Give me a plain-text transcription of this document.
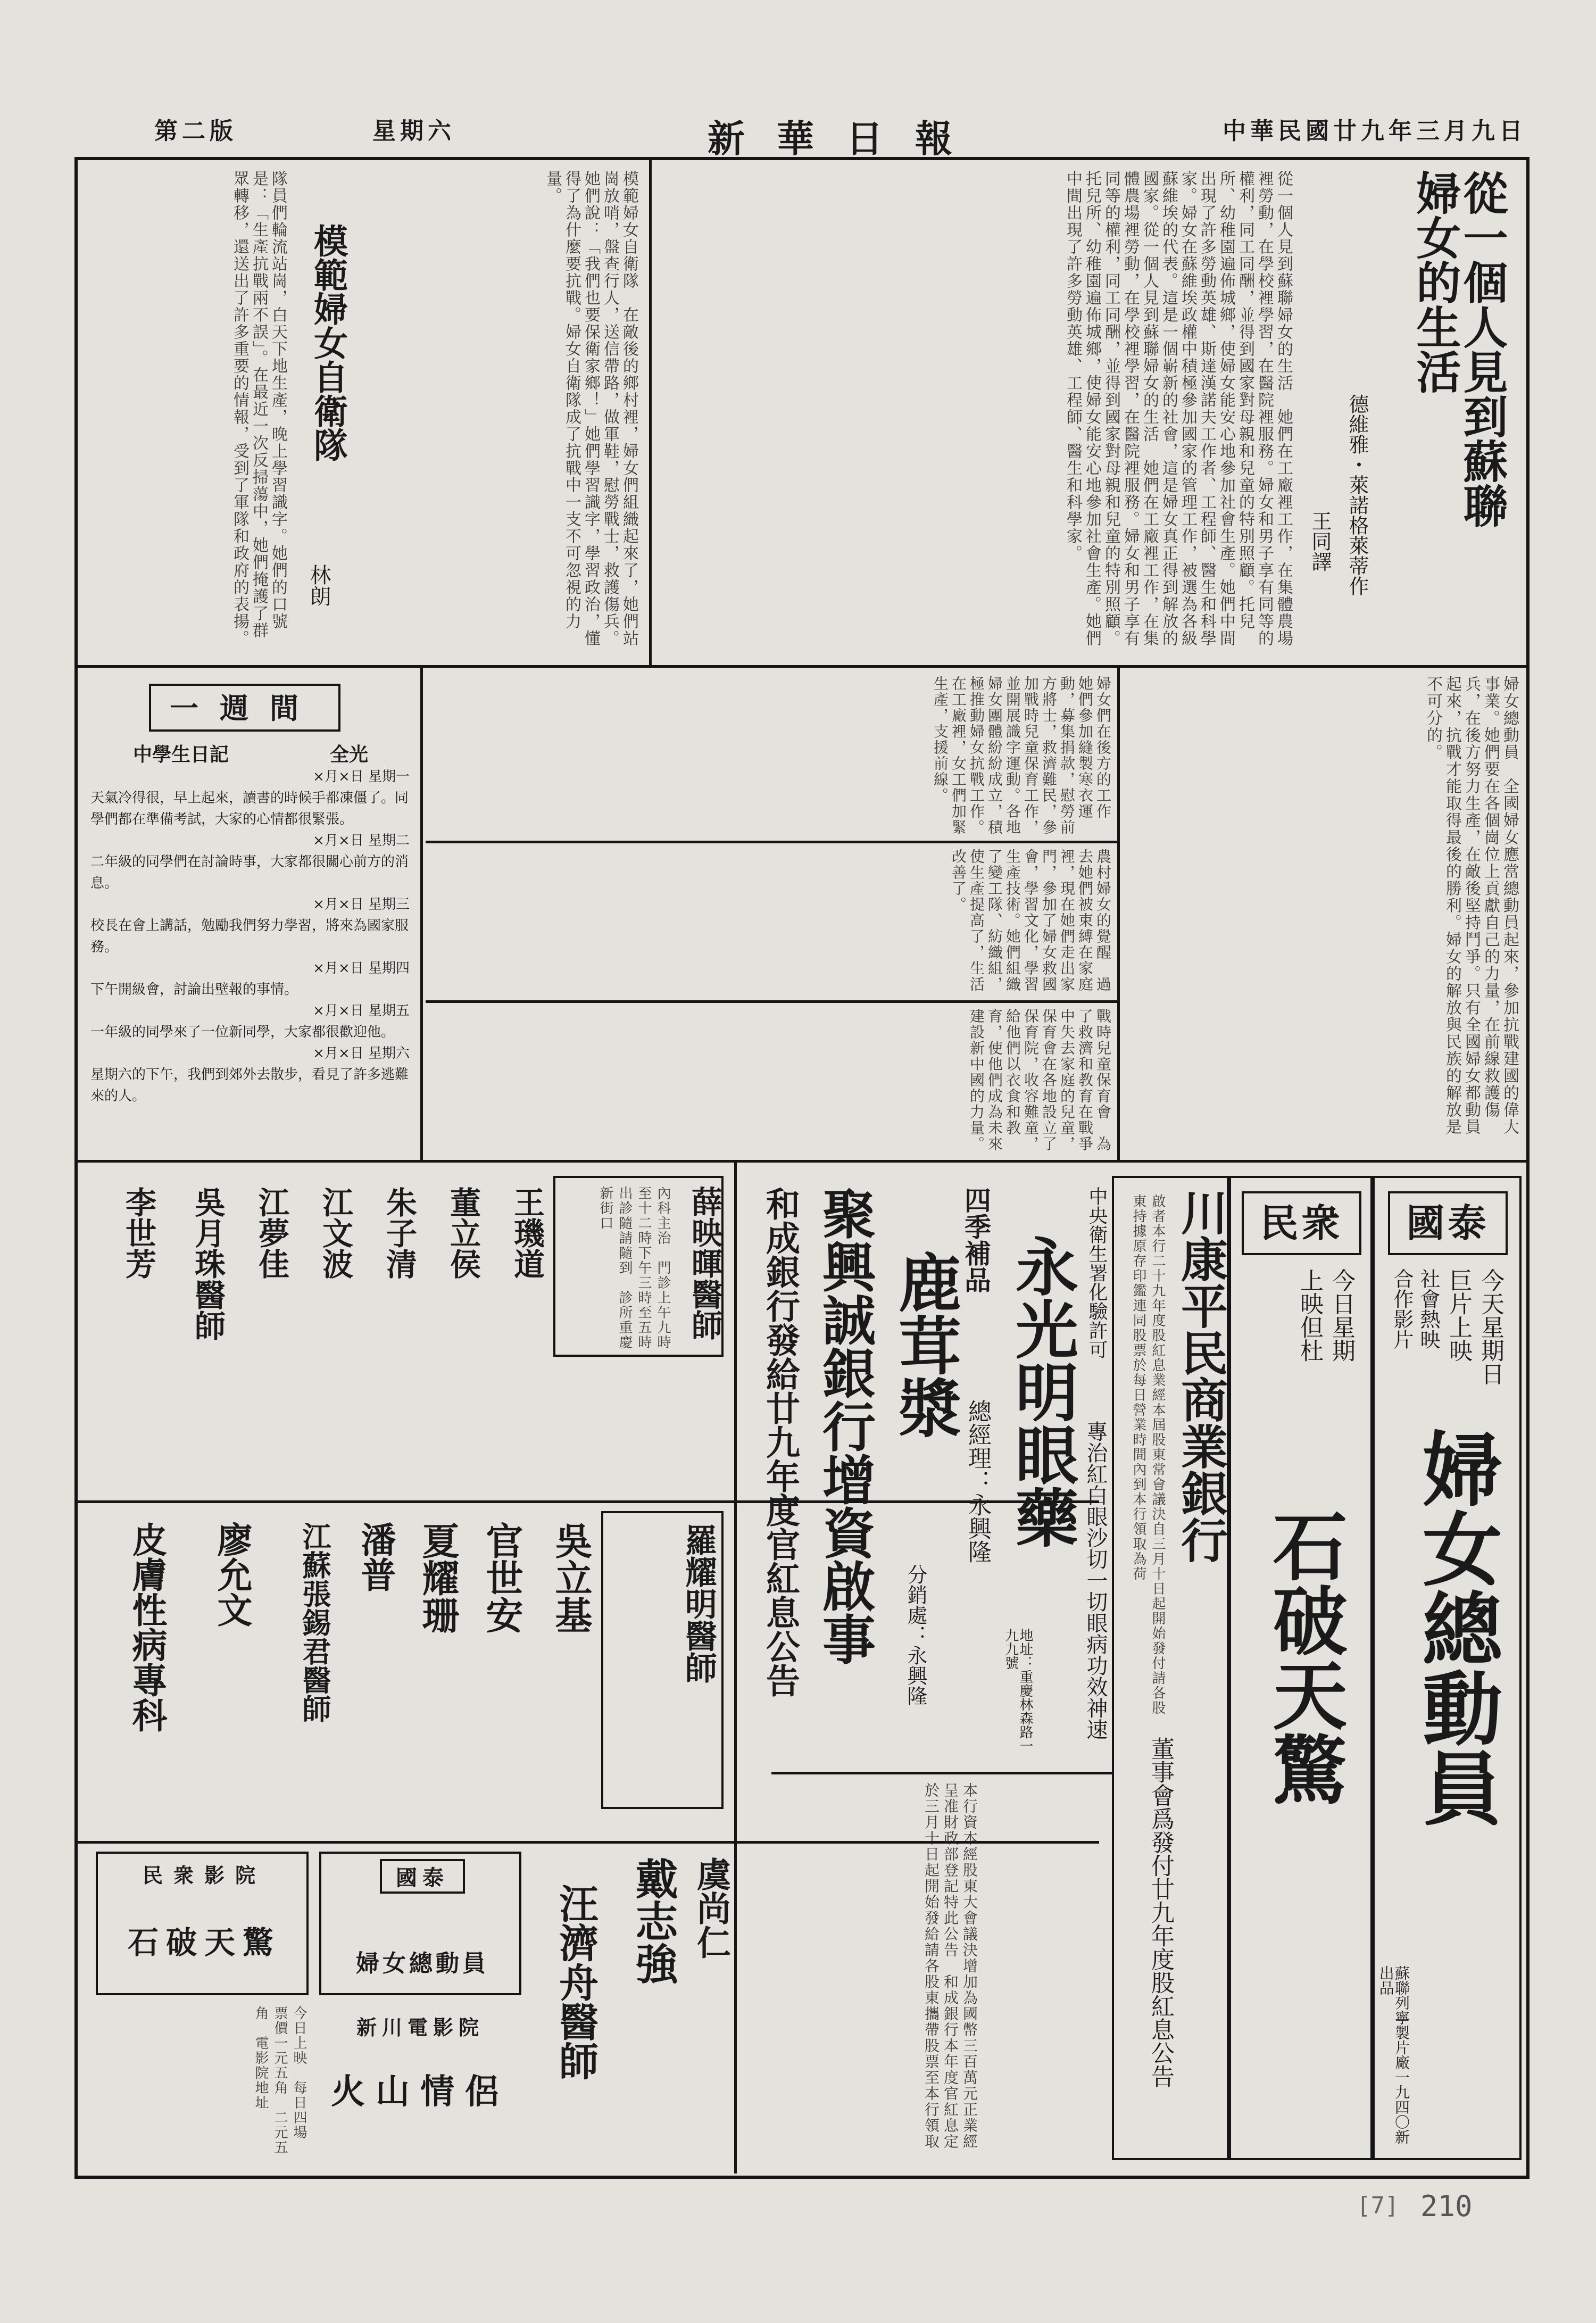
中華民國廿九年三月九日
新華日報
星期六
第二版
從一個人見到蘇聯婦女的生活
德維雅・萊諾格萊蒂作
王同譯
從一個人見到蘇聯婦女的生活　她們在工廠裡工作，在集體農場裡勞動，在學校裡學習，在醫院裡服務。婦女和男子享有同等的權利，同工同酬，並得到國家對母親和兒童的特別照顧。托兒所、幼稚園遍佈城鄉，使婦女能安心地參加社會生產。她們中間出現了許多勞動英雄、斯達漢諾夫工作者、工程師、醫生和科學家。婦女在蘇維埃政權中積極參加國家的管理工作，被選為各級蘇維埃的代表。這是一個嶄新的社會，這是婦女真正得到解放的國家。從一個人見到蘇聯婦女的生活　她們在工廠裡工作，在集體農場裡勞動，在學校裡學習，在醫院裡服務。婦女和男子享有同等的權利，同工同酬，並得到國家對母親和兒童的特別照顧。托兒所、幼稚園遍佈城鄉，使婦女能安心地參加社會生產。她們中間出現了許多勞動英雄、工程師、醫生和科學家。
模範婦女自衛隊
林朗	模範婦女自衛隊　在敵後的鄉村裡，婦女們組織起來了，她們站崗放哨，盤查行人，送信帶路，做軍鞋，慰勞戰士，救護傷兵。她們說：「我們也要保衛家鄉！」她們學習識字，學習政治，懂得了為什麼要抗戰。婦女自衛隊成了抗戰中一支不可忽視的力量。
隊員們輪流站崗，白天下地生產，晚上學習識字。她們的口號是：「生產抗戰兩不誤」。在最近一次反掃蕩中，她們掩護了群眾轉移，還送出了許多重要的情報，受到了軍隊和政府的表揚。
一週間
中學生日記	全光
×月×日 星期一
天氣冷得很，早上起來，讀書的時候手都凍僵了。同學們都在準備考試，大家的心情都很緊張。
×月×日 星期二
二年級的同學們在討論時事，大家都很關心前方的消息。
×月×日 星期三
校長在會上講話，勉勵我們努力學習，將來為國家服務。
×月×日 星期四
下午開級會，討論出壁報的事情。
×月×日 星期五
一年級的同學來了一位新同學，大家都很歡迎他。
×月×日 星期六
星期六的下午，我們到郊外去散步，看見了許多逃難來的人。
婦女們在後方的工作　她們參加縫製寒衣運動，募集捐款，慰勞前方將士，救濟難民，參加戰時兒童保育工作，並開展識字運動。各地婦女團體紛紛成立，積極推動婦女抗戰工作。在工廠裡，女工們加緊生產，支援前線。
農村婦女的覺醒　過去她們被束縛在家庭裡，現在她們走出家門，參加了婦女救國會，學習文化，學習生產技術。她們組織了變工隊、紡織組，使生產提高了，生活改善了。
戰時兒童保育會　為了救濟和教育在戰爭中失去家庭的兒童，保育會在各地設立了保育院，收容難童，給他們以衣食和教育，使他們成為未來建設新中國的力量。	婦女總動員　全國婦女應當總動員起來，參加抗戰建國的偉大事業。她們要在各個崗位上貢獻自己的力量，在前線救護傷兵，在後方努力生產，在敵後堅持鬥爭。只有全國婦女都動員起來，抗戰才能取得最後的勝利。婦女的解放與民族的解放是不可分的。
國泰
今天星期日
巨片上映
社會熱映
合作影片
婦女總動員
蘇聯列寧製片廠一九四〇新出品
民衆
今日星期
上映但杜
石破天驚
川康平民商業銀行
董事會爲發付廿九年度股紅息公告
啟者本行二十九年度股紅息業經本屆股東常會議決自三月十日起開始發付請各股東持據原存印鑑連同股票於每日營業時間內到本行領取為荷
中央衛生署化驗許可
永光明眼藥
專治紅白眼沙切一切眼病功效神速
地址：重慶林森路一九九號
四季補品
鹿茸漿
總經理：永興隆
分銷處：永興隆
聚興誠銀行增資啟事
和成銀行發給廿九年度官紅息公告
本行資本經股東大會議決增加為國幣三百萬元正業經呈准財政部登記特此公告　和成銀行本年度官紅息定於三月十日起開始發給請各股東攜帶股票至本行領取
薛映暉醫師
內科主治　門診上午九時至十二時下午三時至五時　出診隨請隨到　診所重慶新街口
王璣道
董立侯
朱子清
江文波
江夢佳
吳月珠醫師
李世芳
羅耀明醫師
吳立基
官世安
夏耀珊
潘普
江蘇張錫君醫師
廖允文
皮膚性病專科
戴志強 虞尚仁
汪濟舟醫師
民衆影院
石破天驚
國泰
婦女總動員
新川電影院
火山情侶
今日上映　每日四場　票價一元五角　二元五角　電影院地址
[7] 210
